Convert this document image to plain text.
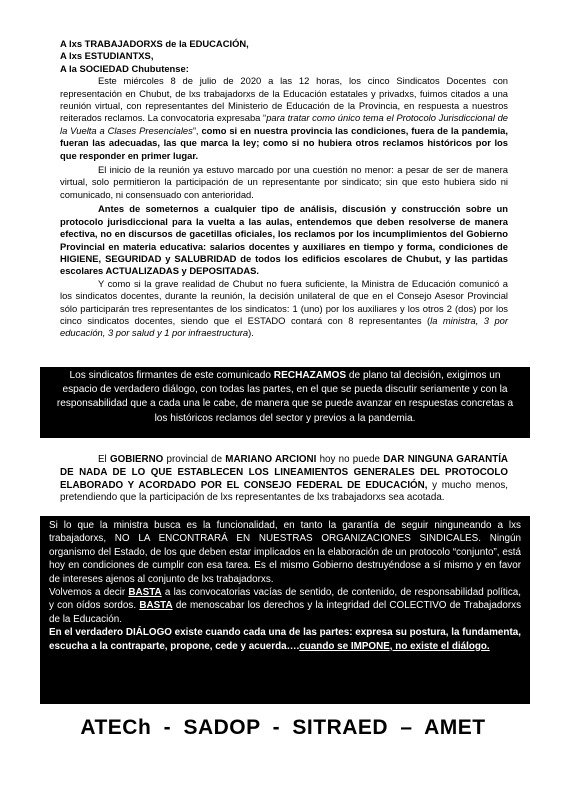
A lxs TRABAJADORXS de la EDUCACIÓN,

A lxs ESTUDIANTXS,

A la SOCIEDAD Chubutense:

Este miércoles 8 de julio de 2020 a las 12 horas, los cinco Sindicatos Docentes con representación en Chubut, de lxs trabajadorxs de la Educación estatales y privadxs, fuimos citados a una reunión virtual, con representantes del Ministerio de Educación de la Provincia, en respuesta a nuestros reiterados reclamos. La convocatoria expresaba “para tratar como único tema el Protocolo Jurisdiccional de la Vuelta a Clases Presenciales”, como si en nuestra provincia las condiciones, fuera de la pandemia, fueran las adecuadas, las que marca la ley; como si no hubiera otros reclamos históricos por los que responder en primer lugar.

El inicio de la reunión ya estuvo marcado por una cuestión no menor: a pesar de ser de manera virtual, solo permitieron la participación de un representante por sindicato; sin que esto hubiera sido ni comunicado, ni consensuado con anterioridad.

Antes de someternos a cualquier tipo de análisis, discusión y construcción sobre un protocolo jurisdiccional para la vuelta a las aulas, entendemos que deben resolverse de manera efectiva, no en discursos de gacetillas oficiales, los reclamos por los incumplimientos del Gobierno Provincial en materia educativa: salarios docentes y auxiliares en tiempo y forma, condiciones de HIGIENE, SEGURIDAD y SALUBRIDAD de todos los edificios escolares de Chubut, y las partidas escolares ACTUALIZADAS y DEPOSITADAS.

Y como si la grave realidad de Chubut no fuera suficiente, la Ministra de Educación comunicó a los sindicatos docentes, durante la reunión, la decisión unilateral de que en el Consejo Asesor Provincial sólo participarán tres representantes de los sindicatos: 1 (uno) por los auxiliares y los otros 2 (dos) por los cinco sindicatos docentes, siendo que el ESTADO contará con 8 representantes (la ministra, 3 por educación, 3 por salud y 1 por infraestructura).

Los sindicatos firmantes de este comunicado RECHAZAMOS de plano tal decisión, exigimos un espacio de verdadero diálogo, con todas las partes, en el que se pueda discutir seriamente y con la responsabilidad que a cada una le cabe, de manera que se puede avanzar en respuestas concretas a los históricos reclamos del sector y previos a la pandemia.
El GOBIERNO provincial de MARIANO ARCIONI hoy no puede DAR NINGUNA GARANTÍA DE NADA DE LO QUE ESTABLECEN LOS LINEAMIENTOS GENERALES DEL PROTOCOLO ELABORADO Y ACORDADO POR EL CONSEJO FEDERAL DE EDUCACIÓN, y mucho menos, pretendiendo que la participación de lxs representantes de lxs trabajadorxs sea acotada.

Si lo que la ministra busca es la funcionalidad, en tanto la garantía de seguir ninguneando a lxs trabajadorxs, NO LA ENCONTRARÁ EN NUESTRAS ORGANIZACIONES SINDICALES. Ningún organismo del Estado, de los que deben estar implicados en la elaboración de un protocolo “conjunto”, está hoy en condiciones de cumplir con esa tarea. Es el mismo Gobierno destruyéndose a sí mismo y en favor de intereses ajenos al conjunto de lxs trabajadorxs.

Volvemos a decir BASTA a las convocatorias vacías de sentido, de contenido, de responsabilidad política, y con oídos sordos. BASTA de menoscabar los derechos y la integridad del COLECTIVO de Trabajadorxs de la Educación.

En el verdadero DIÁLOGO existe cuando cada una de las partes: expresa su postura, la fundamenta, escucha a la contraparte, propone, cede y acuerda….cuando se IMPONE, no existe el diálogo.

ATECh - SADOP - SITRAED – AMET
